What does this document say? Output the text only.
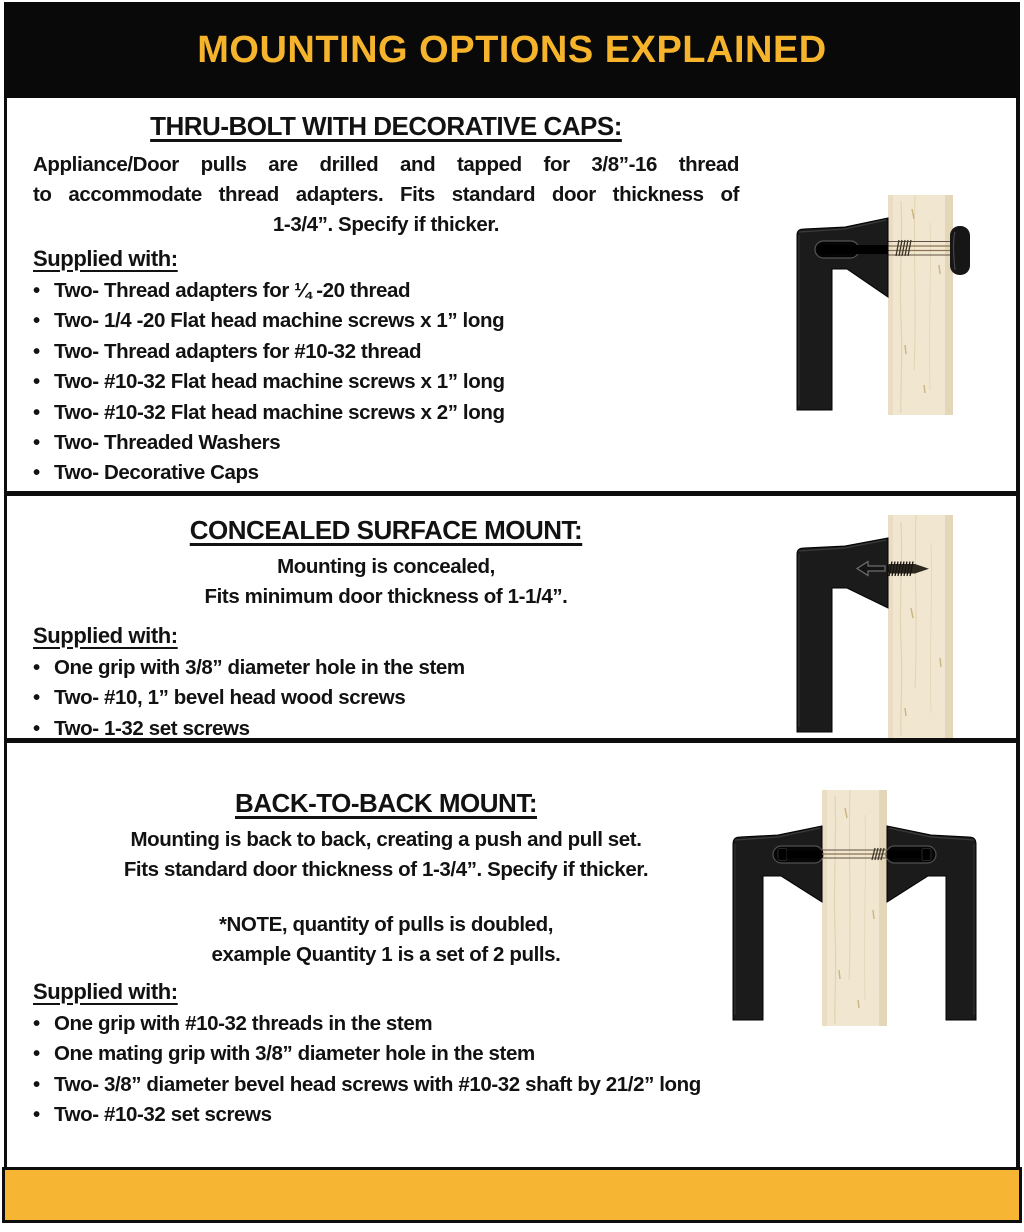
MOUNTING OPTIONS EXPLAINED
THRU-BOLT WITH DECORATIVE CAPS:
Appliance/Door pulls are drilled and tapped for 3/8”-16 thread
to accommodate thread adapters. Fits standard door thickness of
1-3/4”. Specify if thicker.
Supplied with:
• Two- Thread adapters for ¼ -20 thread
• Two- 1/4 -20 Flat head machine screws x 1” long
• Two- Thread adapters for #10-32 thread
• Two- #10-32 Flat head machine screws x 1” long
• Two- #10-32 Flat head machine screws x 2” long
• Two- Threaded Washers
• Two- Decorative Caps
CONCEALED SURFACE MOUNT:
Mounting is concealed,
Fits minimum door thickness of 1-1/4”.
Supplied with:
• One grip with 3/8” diameter hole in the stem
• Two- #10, 1” bevel head wood screws
• Two- 1-32 set screws
BACK-TO-BACK MOUNT:
Mounting is back to back, creating a push and pull set.
Fits standard door thickness of 1-3/4”. Specify if thicker.
*NOTE, quantity of pulls is doubled,
example Quantity 1 is a set of 2 pulls.
Supplied with:
• One grip with #10-32 threads in the stem
• One mating grip with 3/8” diameter hole in the stem
• Two- 3/8” diameter bevel head screws with #10-32 shaft by 21/2” long
• Two- #10-32 set screws
